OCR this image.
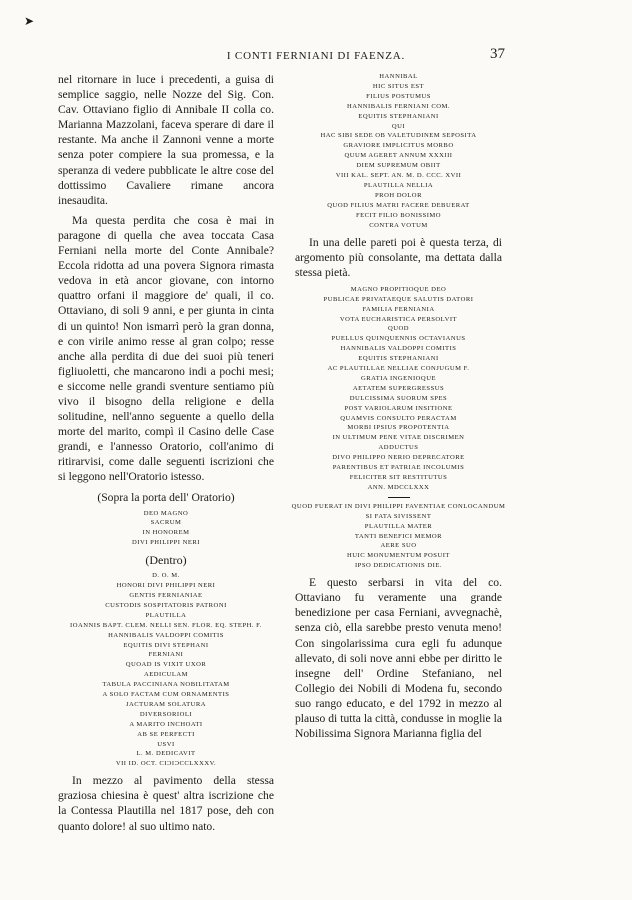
➤
I CONTI FERNIANI DI FAENZA.	37

nel ritornare in luce i precedenti, a guisa di semplice saggio, nelle Nozze del Sig. Con. Cav. Ottaviano figlio di Annibale II colla co. Marianna Mazzolani, faceva sperare di dare il restante. Ma anche il Zannoni venne a morte senza poter compiere la sua promessa, e la speranza di vedere pubblicate le altre cose del dottissimo Cavaliere rimane ancora inesaudita.

Ma questa perdita che cosa è mai in paragone di quella che avea toccata Casa Ferniani nella morte del Conte Annibale? Eccola ridotta ad una povera Signora rimasta vedova in età ancor giovane, con intorno quattro orfani il maggiore de' quali, il co. Ottaviano, di soli 9 anni, e per giunta in cinta di un quinto! Non ismarrì però la gran donna, e con virile animo resse al gran colpo; resse anche alla perdita di due dei suoi più teneri figliuoletti, che mancarono indi a pochi mesi; e siccome nelle grandi sventure sentiamo più vivo il bisogno della religione e della solitudine, nell'anno seguente a quello della morte del marito, compì il Casino delle Case grandi, e l'annesso Oratorio, coll'animo di ritirarvisi, come dalle seguenti iscrizioni che si leggono nell'Oratorio istesso.

(Sopra la porta dell' Oratorio)
DEO MAGNO
SACRUM
IN HONOREM
DIVI PHILIPPI NERI
(Dentro)
D. O. M.
HONORI DIVI PHILIPPI NERI
GENTIS FERNIANIAE
CUSTODIS SOSPITATORIS PATRONI
PLAUTILLA
IOANNIS BAPT. CLEM. NELLI SEN. FLOR. EQ. STEPH. F.
HANNIBALIS VALDOPPI COMITIS
EQUITIS DIVI STEPHANI
FERNIANI
QUOAD IS VIXIT UXOR
AEDICULAM
TABULA PACCINIANA NOBILITATAM
A SOLO FACTAM CUM ORNAMENTIS
JACTURAM SOLATURA
DIVERSORIOLI
A MARITO INCHOATI
AB SE PERFECTI
USVI
L. M. DEDICAVIT
VII ID. OCT. CIƆIƆCCLXXXV.

In mezzo al pavimento della stessa graziosa chiesina è quest' altra iscrizione che la Contessa Plautilla nel 1817 pose, deh con quanto dolore! al suo ultimo nato.

HANNIBAL
HIC SITUS EST
FILIUS POSTUMUS
HANNIBALIS FERNIANI COM.
EQUITIS STEPHANIANI
QUI
HAC SIBI SEDE OB VALETUDINEM SEPOSITA
GRAVIORE IMPLICITUS MORBO
QUUM AGERET ANNUM XXXIII
DIEM SUPREMUM OBIIT
VIII KAL. SEPT. AN. M. D. CCC. XVII
PLAUTILLA NELLIA
PROH DOLOR
QUOD FILIUS MATRI FACERE DEBUERAT
FECIT FILIO BONISSIMO
CONTRA VOTUM

In una delle pareti poi è questa terza, di argomento più consolante, ma dettata dalla stessa pietà.

MAGNO PROPITIOQUE DEO
PUBLICAE PRIVATAEQUE SALUTIS DATORI
FAMILIA FERNIANIA
VOTA EUCHARISTICA PERSOLVIT
QUOD
PUELLUS QUINQUENNIS OCTAVIANUS
HANNIBALIS VALDOPPI COMITIS
EQUITIS STEPHANIANI
AC PLAUTILLAE NELLIAE CONJUGUM F.
GRATIA INGENIOQUE
AETATEM SUPERGRESSUS
DULCISSIMA SUORUM SPES
POST VARIOLARUM INSITIONE
QUAMVIS CONSULTO PERACTAM
MORBI IPSIUS PROPOTENTIA
IN ULTIMUM PENE VITAE DISCRIMEN
ADDUCTUS
DIVO PHILIPPO NERIO DEPRECATORE
PARENTIBUS ET PATRIAE INCOLUMIS
FELICITER SIT RESTITUTUS
ANN. MDCCLXXX
QUOD FUERAT IN DIVI PHILIPPI FAVENTIAE CONLOCANDUM
SI FATA SIVISSENT
PLAUTILLA MATER
TANTI BENEFICI MEMOR
AERE SUO
HUIC MONUMENTUM POSUIT
IPSO DEDICATIONIS DIE.

E questo serbarsi in vita del co. Ottaviano fu veramente una grande benedizione per casa Ferniani, avvegnachè, senza ciò, ella sarebbe presto venuta meno! Con singolarissima cura egli fu adunque allevato, di soli nove anni ebbe per diritto le insegne dell' Ordine Stefaniano, nel Collegio dei Nobili di Modena fu, secondo suo rango educato, e del 1792 in mezzo al plauso di tutta la città, condusse in moglie la Nobilissima Signora Marianna figlia del
